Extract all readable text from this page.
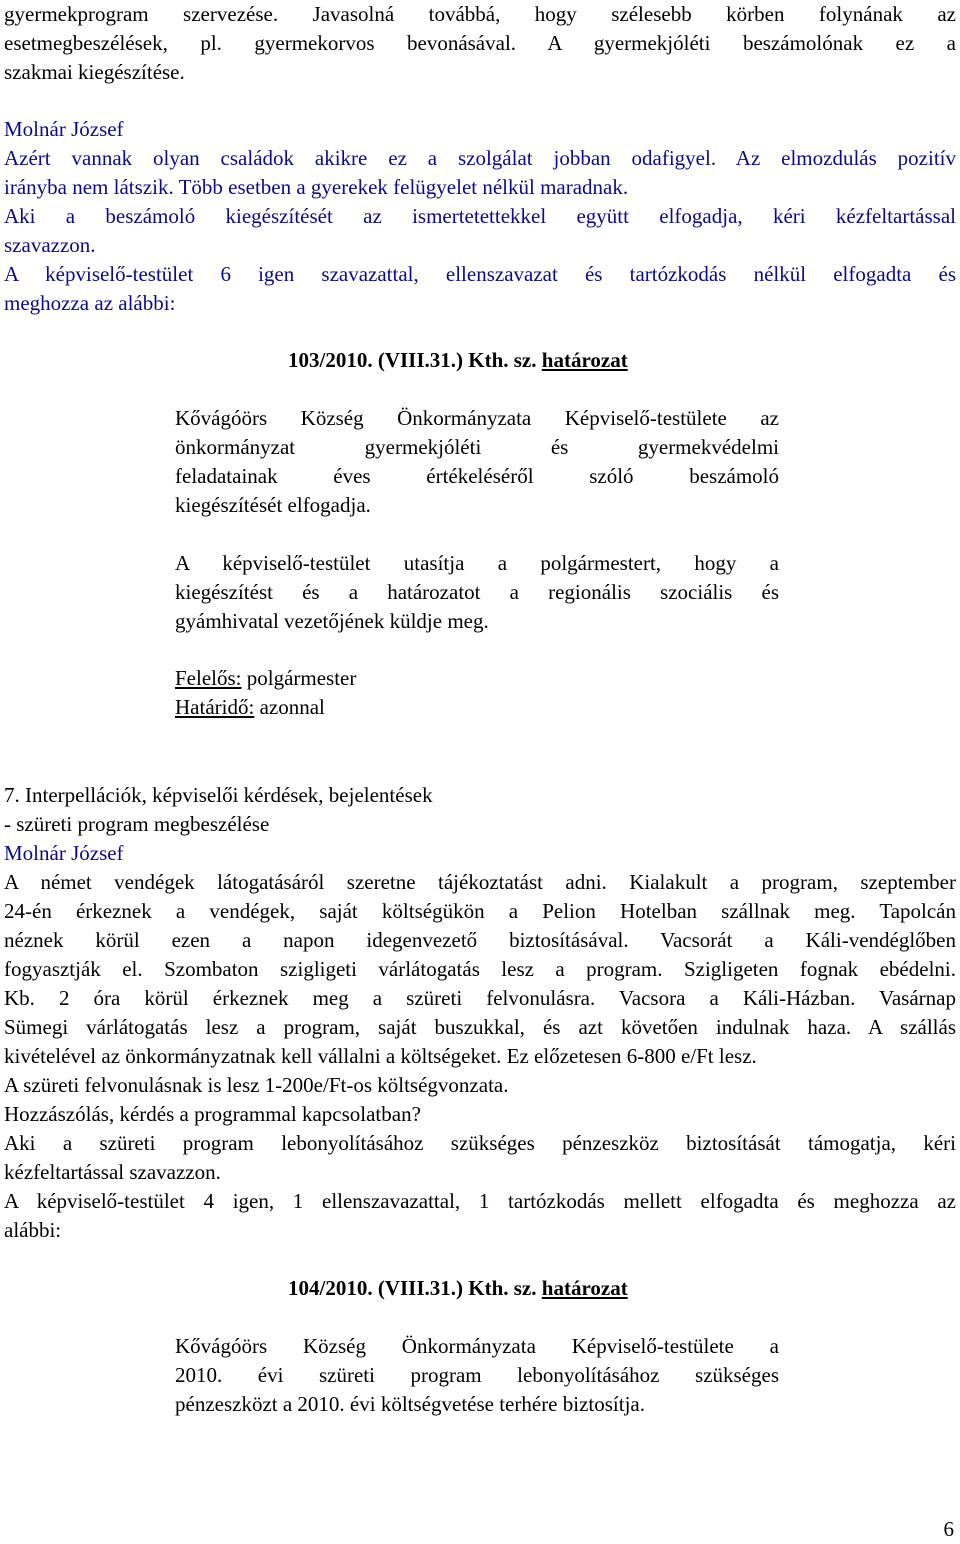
gyermekprogram szervezése. Javasolná továbbá, hogy szélesebb körben folynának az
esetmegbeszélések, pl. gyermekorvos bevonásával. A gyermekjóléti beszámolónak ez a
szakmai kiegészítése.
Molnár József
Azért vannak olyan családok akikre ez a szolgálat jobban odafigyel. Az elmozdulás pozitív
irányba nem látszik. Több esetben a gyerekek felügyelet nélkül maradnak.
Aki a beszámoló kiegészítését az ismertetettekkel együtt elfogadja, kéri kézfeltartással
szavazzon.
A képviselő-testület 6 igen szavazattal, ellenszavazat és tartózkodás nélkül elfogadta és
meghozza az alábbi:
103/2010. (VIII.31.) Kth. sz. határozat
Kővágóörs Község Önkormányzata Képviselő-testülete az
önkormányzat gyermekjóléti és gyermekvédelmi
feladatainak éves értékeléséről szóló beszámoló
kiegészítését elfogadja.
A képviselő-testület utasítja a polgármestert, hogy a
kiegészítést és a határozatot a regionális szociális és
gyámhivatal vezetőjének küldje meg.
Felelős: polgármester
Határidő: azonnal
7. Interpellációk, képviselői kérdések, bejelentések
- szüreti program megbeszélése
Molnár József
A német vendégek látogatásáról szeretne tájékoztatást adni. Kialakult a program, szeptember
24-én érkeznek a vendégek, saját költségükön a Pelion Hotelban szállnak meg. Tapolcán
néznek körül ezen a napon idegenvezető biztosításával. Vacsorát a Káli-vendéglőben
fogyasztják el. Szombaton szigligeti várlátogatás lesz a program. Szigligeten fognak ebédelni.
Kb. 2 óra körül érkeznek meg a szüreti felvonulásra. Vacsora a Káli-Házban. Vasárnap
Sümegi várlátogatás lesz a program, saját buszukkal, és azt követően indulnak haza. A szállás
kivételével az önkormányzatnak kell vállalni a költségeket. Ez előzetesen 6-800 e/Ft lesz.
A szüreti felvonulásnak is lesz 1-200e/Ft-os költségvonzata.
Hozzászólás, kérdés a programmal kapcsolatban?
Aki a szüreti program lebonyolításához szükséges pénzeszköz biztosítását támogatja, kéri
kézfeltartással szavazzon.
A képviselő-testület 4 igen, 1 ellenszavazattal, 1 tartózkodás mellett elfogadta és meghozza az
alábbi:
104/2010. (VIII.31.) Kth. sz. határozat
Kővágóörs Község Önkormányzata Képviselő-testülete a
2010. évi szüreti program lebonyolításához szükséges
pénzeszközt a 2010. évi költségvetése terhére biztosítja.
6
